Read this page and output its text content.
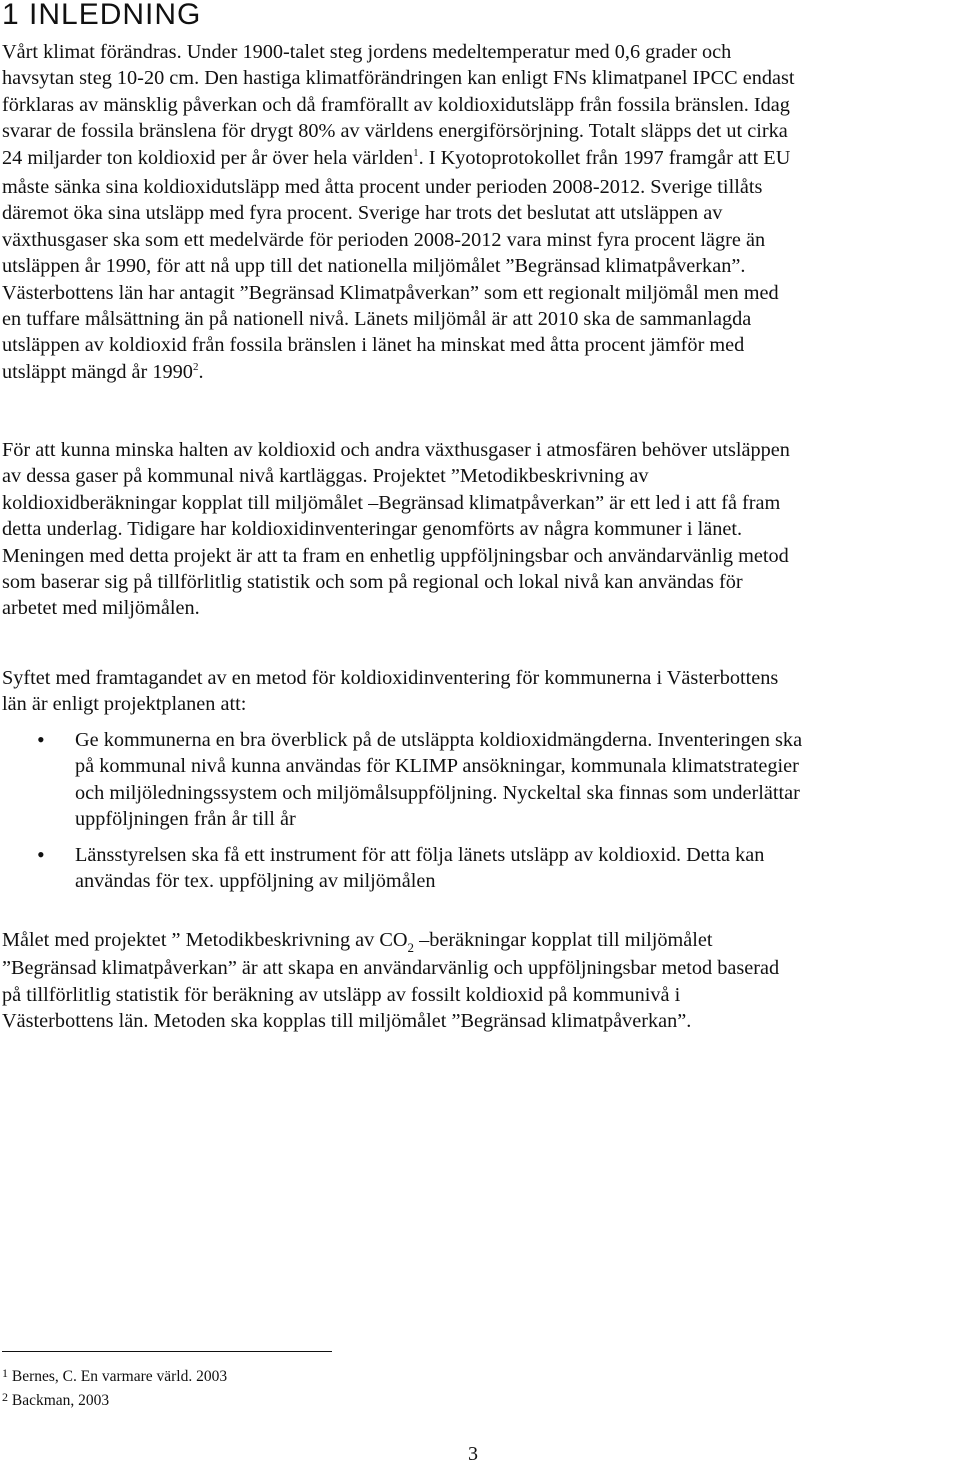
1 INLEDNING
Vårt klimat förändras. Under 1900-talet steg jordens medeltemperatur med 0,6 grader och
havsytan steg 10-20 cm. Den hastiga klimatförändringen kan enligt FNs klimatpanel IPCC endast
förklaras av mänsklig påverkan och då framförallt av koldioxidutsläpp från fossila bränslen. Idag
svarar de fossila bränslena för drygt 80% av världens energiförsörjning. Totalt släpps det ut cirka
24 miljarder ton koldioxid per år över hela världen$^1$. I Kyotoprotokollet från 1997 framgår att EU
måste sänka sina koldioxidutsläpp med åtta procent under perioden 2008-2012. Sverige tillåts
däremot öka sina utsläpp med fyra procent. Sverige har trots det beslutat att utsläppen av
växthusgaser ska som ett medelvärde för perioden 2008-2012 vara minst fyra procent lägre än
utsläppen år 1990, för att nå upp till det nationella miljömålet ”Begränsad klimatpåverkan”.
Västerbottens län har antagit ”Begränsad Klimatpåverkan” som ett regionalt miljömål men med
en tuffare målsättning än på nationell nivå. Länets miljömål är att 2010 ska de sammanlagda
utsläppen av koldioxid från fossila bränslen i länet ha minskat med åtta procent jämför med
utsläppt mängd år 1990$^2$.
För att kunna minska halten av koldioxid och andra växthusgaser i atmosfären behöver utsläppen
av dessa gaser på kommunal nivå kartläggas. Projektet ”Metodikbeskrivning av
koldioxidberäkningar kopplat till miljömålet –Begränsad klimatpåverkan” är ett led i att få fram
detta underlag. Tidigare har koldioxidinventeringar genomförts av några kommuner i länet.
Meningen med detta projekt är att ta fram en enhetlig uppföljningsbar och användarvänlig metod
som baserar sig på tillförlitlig statistik och som på regional och lokal nivå kan användas för
arbetet med miljömålen.
Syftet med framtagandet av en metod för koldioxidinventering för kommunerna i Västerbottens
län är enligt projektplanen att:
• Ge kommunerna en bra överblick på de utsläppta koldioxidmängderna. Inventeringen ska
på kommunal nivå kunna användas för KLIMP ansökningar, kommunala klimatstrategier
och miljöledningssystem och miljömålsuppföljning. Nyckeltal ska finnas som underlättar
uppföljningen från år till år
• Länsstyrelsen ska få ett instrument för att följa länets utsläpp av koldioxid. Detta kan
användas för tex. uppföljning av miljömålen
Målet med projektet ” Metodikbeskrivning av $CO_2$ –beräkningar kopplat till miljömålet
”Begränsad klimatpåverkan” är att skapa en användarvänlig och uppföljningsbar metod baserad
på tillförlitlig statistik för beräkning av utsläpp av fossilt koldioxid på kommunivå i
Västerbottens län. Metoden ska kopplas till miljömålet ”Begränsad klimatpåverkan”.
$^1$ Bernes, C. En varmare värld. 2003
$^2$ Backman, 2003
3
